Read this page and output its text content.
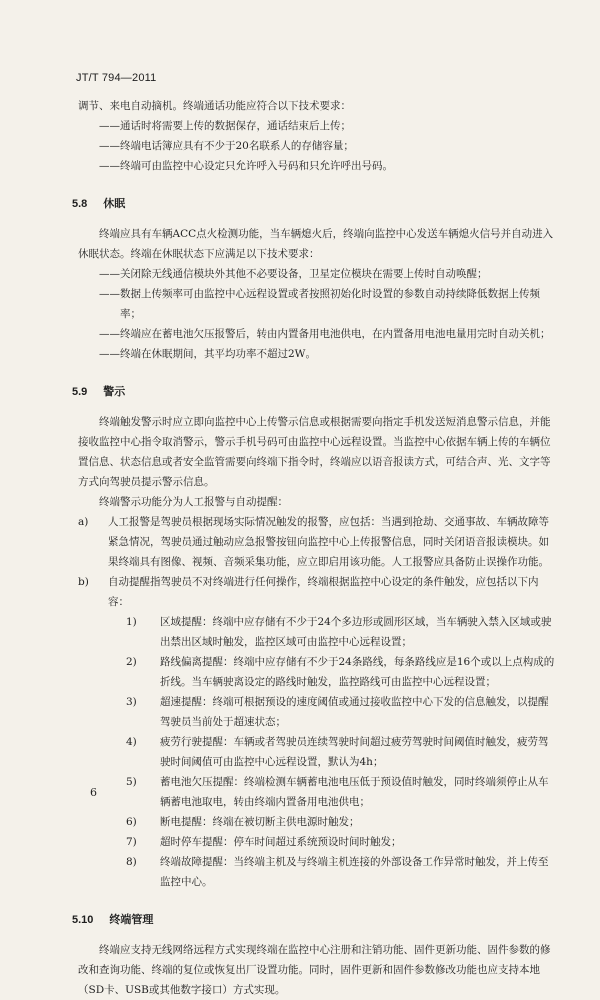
JT/T 794—2011

调节、来电自动摘机。终端通话功能应符合以下技术要求：

——通话时将需要上传的数据保存，通话结束后上传；

——终端电话簿应具有不少于20名联系人的存储容量；

——终端可由监控中心设定只允许呼入号码和只允许呼出号码。

5.8 休眠

终端应具有车辆ACC点火检测功能，当车辆熄火后，终端向监控中心发送车辆熄火信号并自动进入休眠状态。终端在休眠状态下应满足以下技术要求：

——关闭除无线通信模块外其他不必要设备，卫星定位模块在需要上传时自动唤醒；

——数据上传频率可由监控中心远程设置或者按照初始化时设置的参数自动持续降低数据上传频率；

——终端应在蓄电池欠压报警后，转由内置备用电池供电，在内置备用电池电量用完时自动关机；

——终端在休眠期间，其平均功率不超过2W。

5.9 警示

终端触发警示时应立即向监控中心上传警示信息或根据需要向指定手机发送短消息警示信息，并能接收监控中心指令取消警示，警示手机号码可由监控中心远程设置。当监控中心依据车辆上传的车辆位置信息、状态信息或者安全监管需要向终端下指令时，终端应以语音报读方式，可结合声、光、文字等方式向驾驶员提示警示信息。

终端警示功能分为人工报警与自动提醒：

a)	人工报警是驾驶员根据现场实际情况触发的报警，应包括：当遇到抢劫、交通事故、车辆故障等紧急情况，驾驶员通过触动应急报警按钮向监控中心上传报警信息，同时关闭语音报读模块。如果终端具有图像、视频、音频采集功能，应立即启用该功能。人工报警应具备防止误操作功能。
b)	自动提醒指驾驶员不对终端进行任何操作，终端根据监控中心设定的条件触发，应包括以下内容：
1)	区域提醒：终端中应存储有不少于24个多边形或圆形区域，当车辆驶入禁入区域或驶出禁出区域时触发，监控区域可由监控中心远程设置；
2)	路线偏离提醒：终端中应存储有不少于24条路线，每条路线应是16个或以上点构成的折线。当车辆驶离设定的路线时触发，监控路线可由监控中心远程设置；
3)	超速提醒：终端可根据预设的速度阈值或通过接收监控中心下发的信息触发，以提醒驾驶员当前处于超速状态；
4)	疲劳行驶提醒：车辆或者驾驶员连续驾驶时间超过疲劳驾驶时间阈值时触发，疲劳驾驶时间阈值可由监控中心远程设置，默认为4h；
5)	蓄电池欠压提醒：终端检测车辆蓄电池电压低于预设值时触发，同时终端须停止从车辆蓄电池取电，转由终端内置备用电池供电；
6)	断电提醒：终端在被切断主供电源时触发；
7)	超时停车提醒：停车时间超过系统预设时间时触发；
8)	终端故障提醒：当终端主机及与终端主机连接的外部设备工作异常时触发，并上传至监控中心。
5.10 终端管理

终端应支持无线网络远程方式实现终端在监控中心注册和注销功能、固件更新功能、固件参数的修改和查询功能、终端的复位或恢复出厂设置功能。同时，固件更新和固件参数修改功能也应支持本地（SD卡、USB或其他数字接口）方式实现。

6
